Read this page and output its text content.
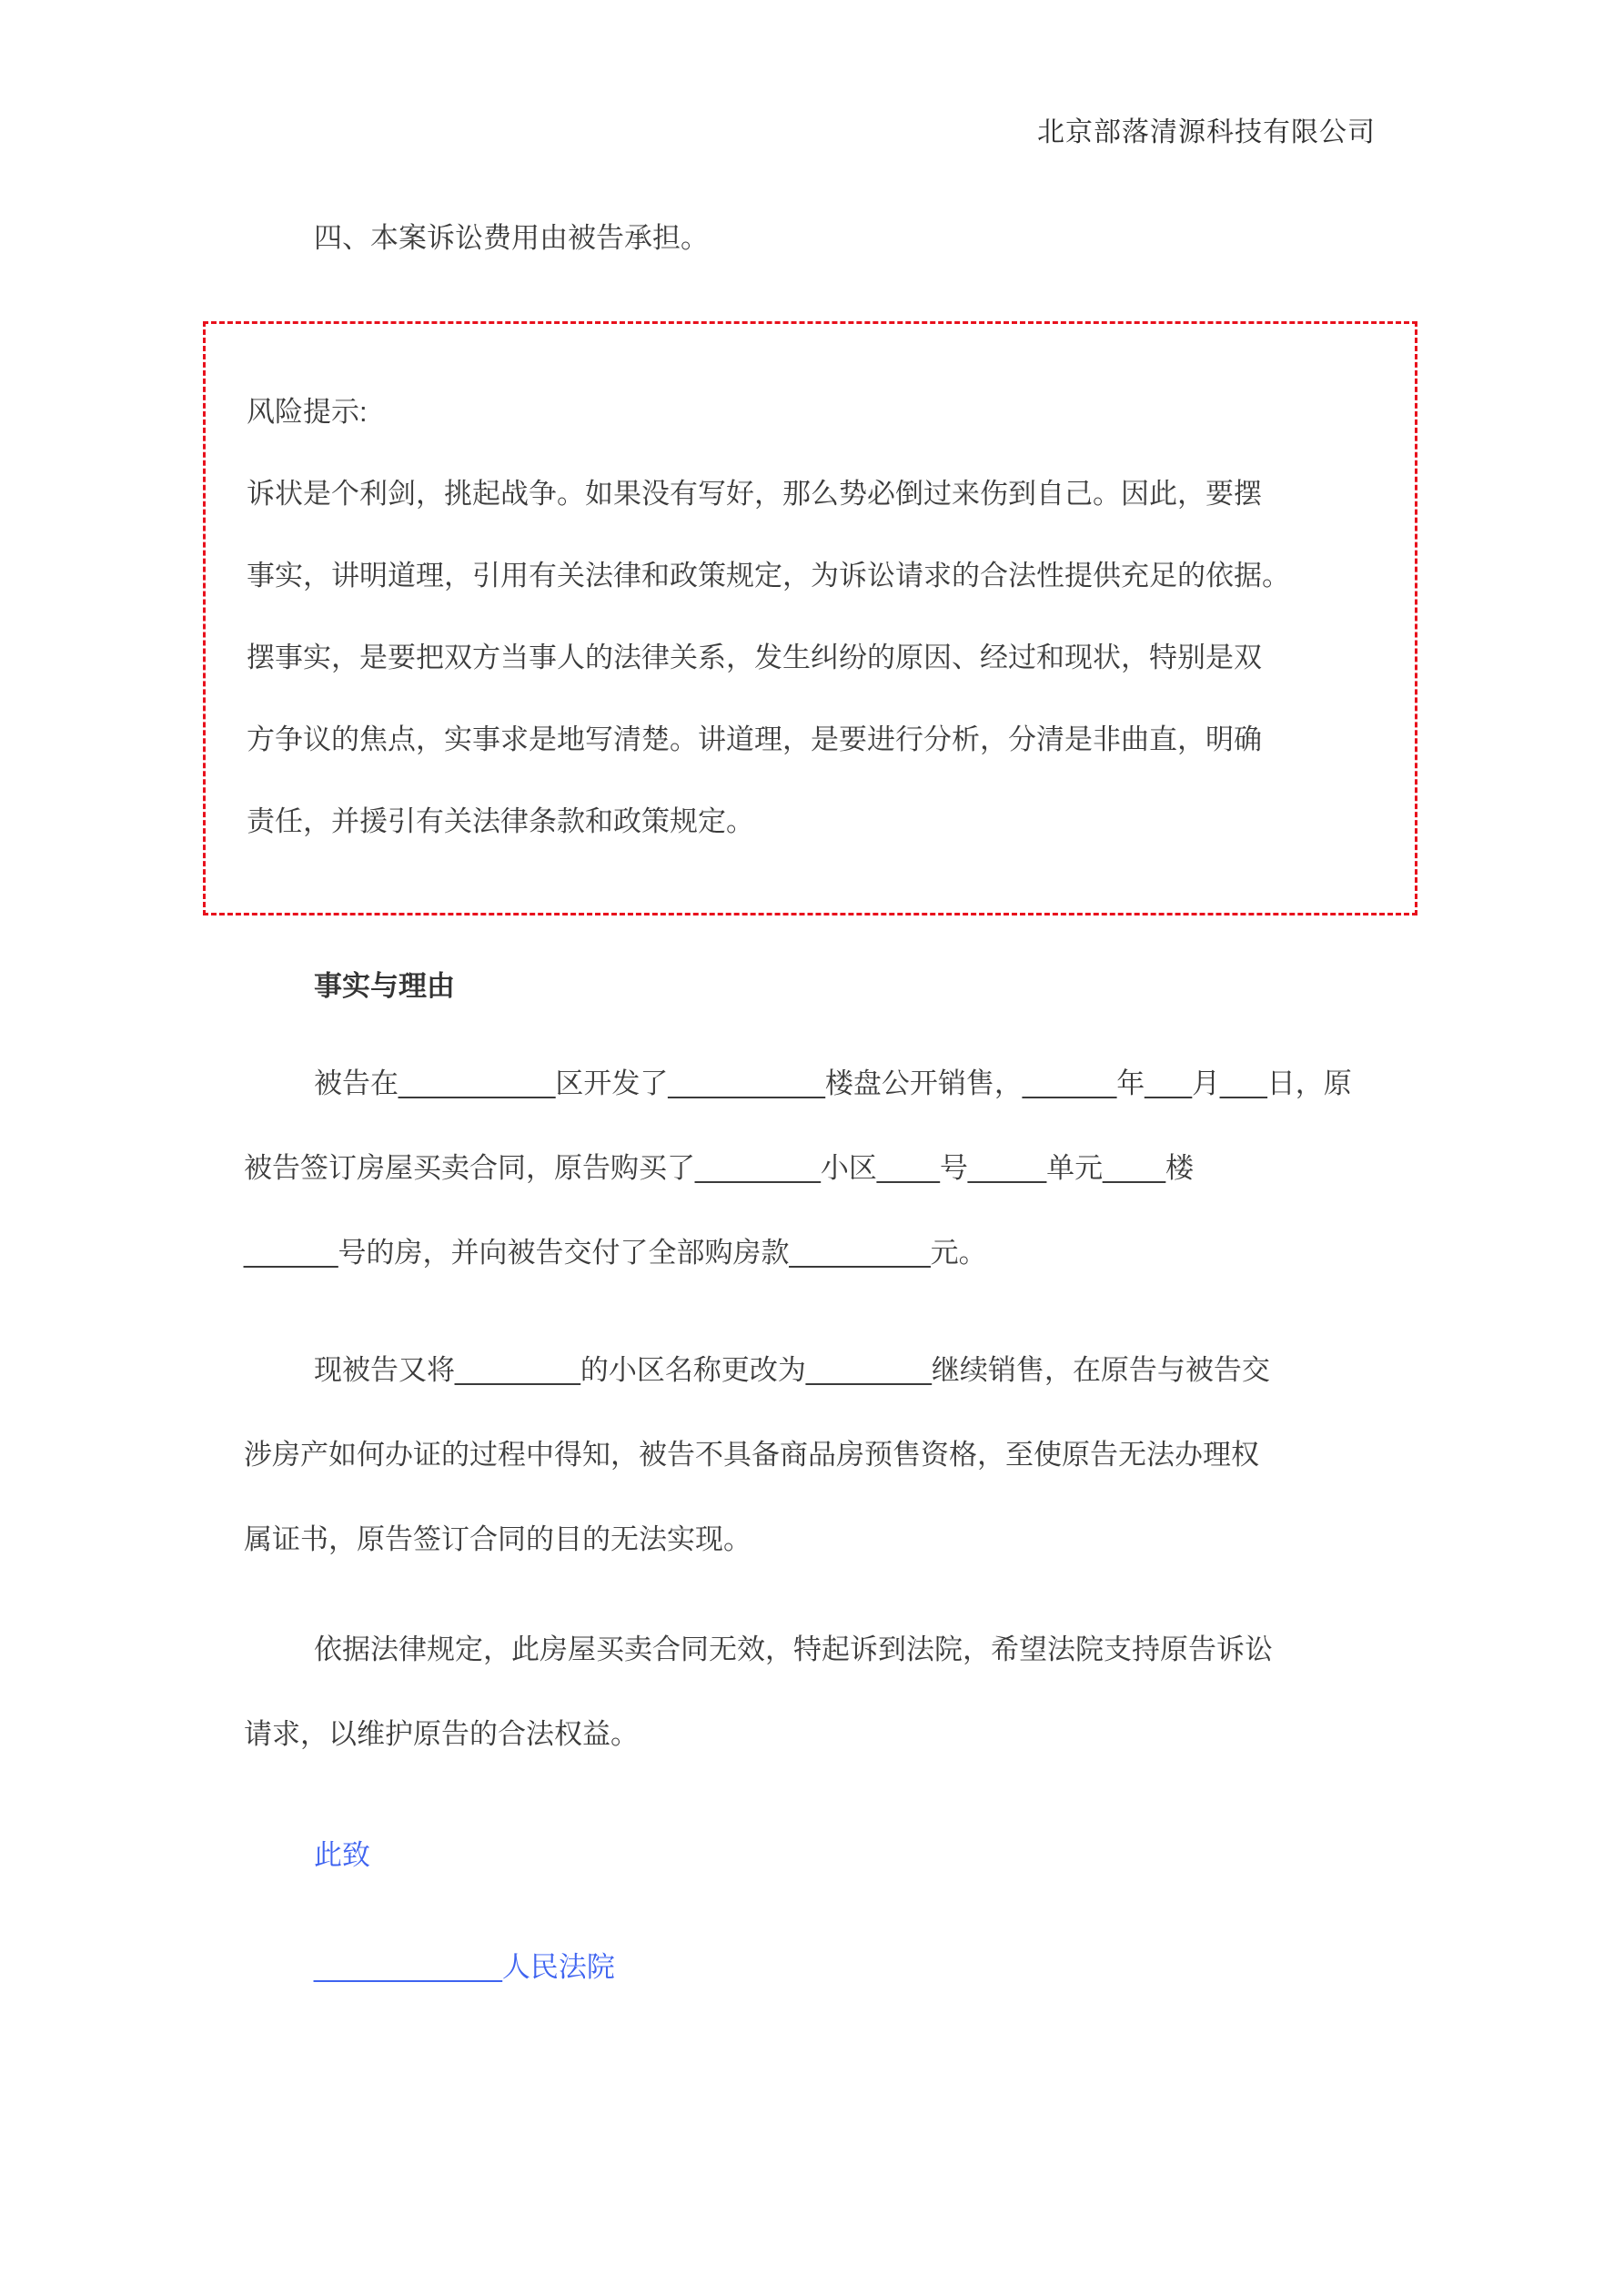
北京部落清源科技有限公司
四、本案诉讼费用由被告承担。
风险提示:
诉状是个利剑，挑起战争。如果没有写好，那么势必倒过来伤到自己。因此，要摆
事实，讲明道理，引用有关法律和政策规定，为诉讼请求的合法性提供充足的依据。
摆事实，是要把双方当事人的法律关系，发生纠纷的原因、经过和现状，特别是双
方争议的焦点，实事求是地写清楚。讲道理，是要进行分析，分清是非曲直，明确
责任，并援引有关法律条款和政策规定。
事实与理由
被告在__________区开发了__________楼盘公开销售，______年___月___日，原
被告签订房屋买卖合同，原告购买了________小区____号_____单元____楼
______号的房，并向被告交付了全部购房款_________元。
现被告又将________的小区名称更改为________继续销售，在原告与被告交
涉房产如何办证的过程中得知，被告不具备商品房预售资格，至使原告无法办理权
属证书，原告签订合同的目的无法实现。
依据法律规定，此房屋买卖合同无效，特起诉到法院，希望法院支持原告诉讼
请求，以维护原告的合法权益。
此致
____________人民法院
